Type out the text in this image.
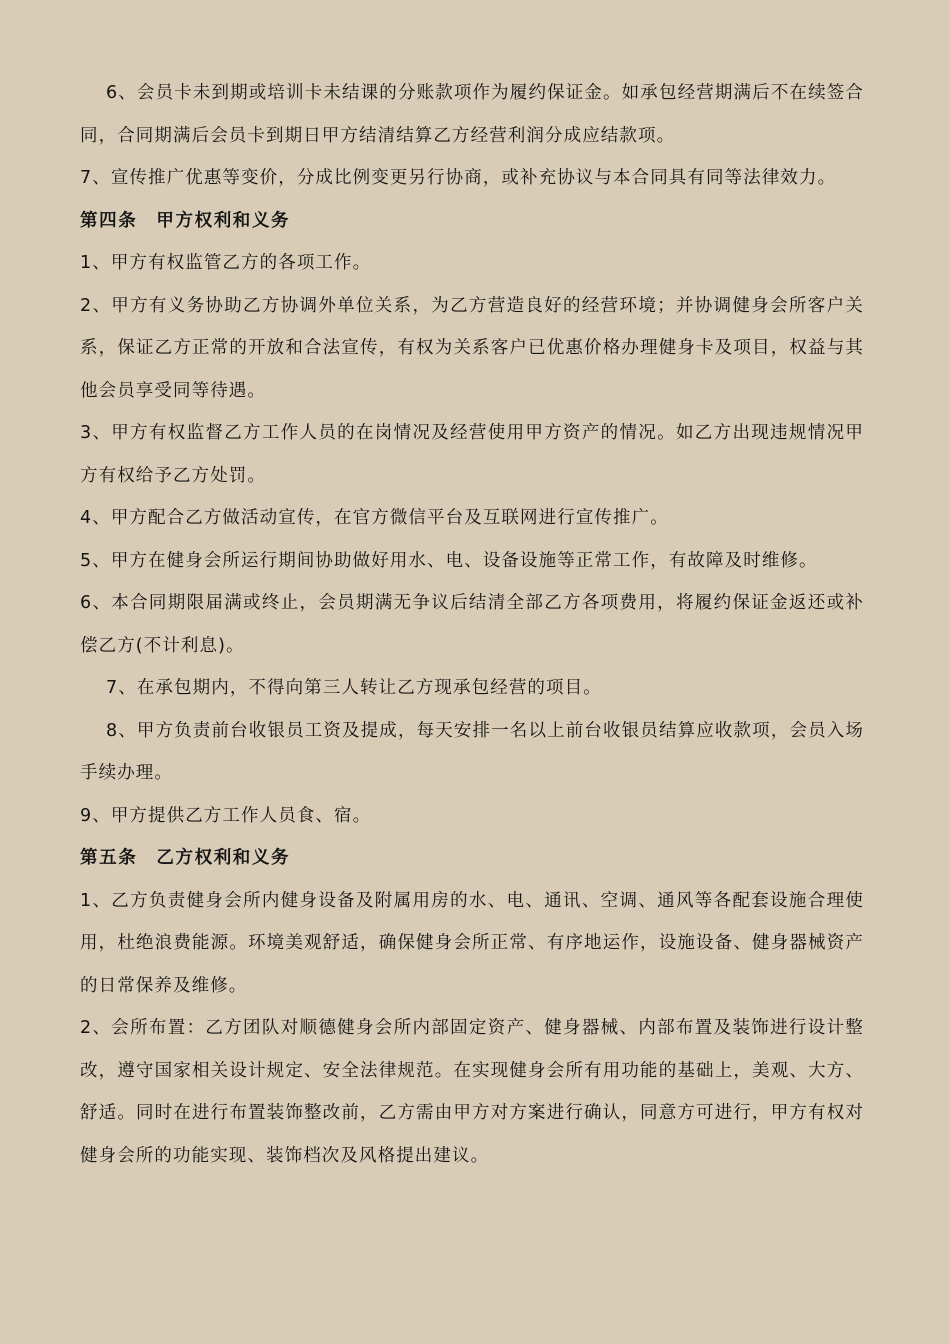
6、会员卡未到期或培训卡未结课的分账款项作为履约保证金。如承包经营期满后不在续签合同，合同期满后会员卡到期日甲方结清结算乙方经营利润分成应结款项。

7、宣传推广优惠等变价，分成比例变更另行协商，或补充协议与本合同具有同等法律效力。

第四条　甲方权利和义务

1、甲方有权监管乙方的各项工作。

2、甲方有义务协助乙方协调外单位关系，为乙方营造良好的经营环境；并协调健身会所客户关系，保证乙方正常的开放和合法宣传，有权为关系客户已优惠价格办理健身卡及项目，权益与其他会员享受同等待遇。

3、甲方有权监督乙方工作人员的在岗情况及经营使用甲方资产的情况。如乙方出现违规情况甲方有权给予乙方处罚。

4、甲方配合乙方做活动宣传，在官方微信平台及互联网进行宣传推广。

5、甲方在健身会所运行期间协助做好用水、电、设备设施等正常工作，有故障及时维修。

6、本合同期限届满或终止，会员期满无争议后结清全部乙方各项费用，将履约保证金返还或补偿乙方(不计利息)。

7、在承包期内，不得向第三人转让乙方现承包经营的项目。

8、甲方负责前台收银员工资及提成，每天安排一名以上前台收银员结算应收款项，会员入场手续办理。

9、甲方提供乙方工作人员食、宿。

第五条　乙方权利和义务

1、乙方负责健身会所内健身设备及附属用房的水、电、通讯、空调、通风等各配套设施合理使用，杜绝浪费能源。环境美观舒适，确保健身会所正常、有序地运作，设施设备、健身器械资产的日常保养及维修。

2、会所布置：乙方团队对顺德健身会所内部固定资产、健身器械、内部布置及装饰进行设计整改，遵守国家相关设计规定、安全法律规范。在实现健身会所有用功能的基础上，美观、大方、舒适。同时在进行布置装饰整改前，乙方需由甲方对方案进行确认，同意方可进行，甲方有权对健身会所的功能实现、装饰档次及风格提出建议。
